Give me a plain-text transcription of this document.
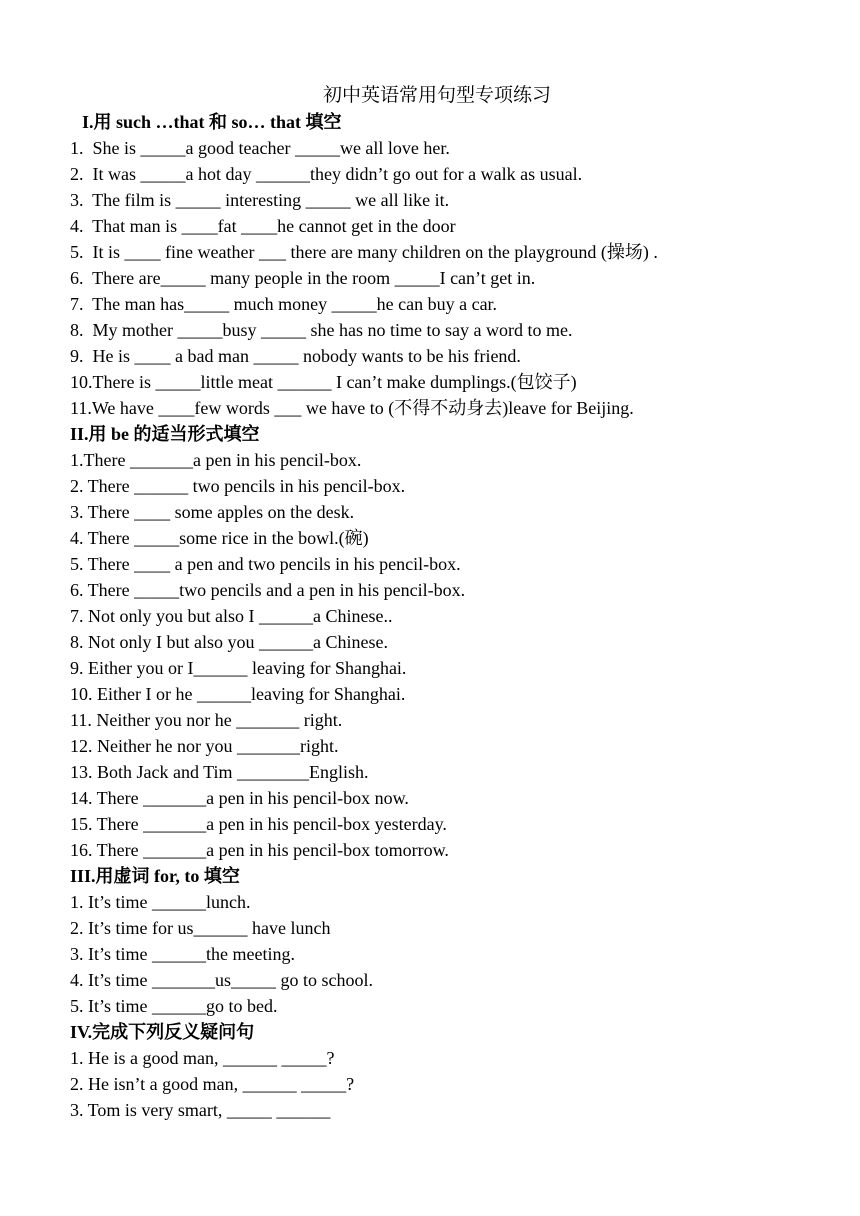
初中英语常用句型专项练习
I.用 such …that 和 so… that 填空
1.  She is _____a good teacher _____we all love her.
2.  It was _____a hot day ______they didn’t go out for a walk as usual.
3.  The film is _____ interesting _____ we all like it.
4.  That man is ____fat ____he cannot get in the door
5.  It is ____ fine weather ___ there are many children on the playground (操场) .
6.  There are_____ many people in the room _____I can’t get in.
7.  The man has_____ much money _____he can buy a car.
8.  My mother _____busy _____ she has no time to say a word to me.
9.  He is ____ a bad man _____ nobody wants to be his friend.
10.There is _____little meat ______ I can’t make dumplings.(包饺子)
11.We have ____few words ___ we have to (不得不动身去)leave for Beijing.
II.用 be 的适当形式填空
1.There _______a pen in his pencil-box.
2. There ______ two pencils in his pencil-box.
3. There ____ some apples on the desk.
4. There _____some rice in the bowl.(碗)
5. There ____ a pen and two pencils in his pencil-box.
6. There _____two pencils and a pen in his pencil-box.
7. Not only you but also I ______a Chinese..
8. Not only I but also you ______a Chinese.
9. Either you or I______ leaving for Shanghai.
10. Either I or he ______leaving for Shanghai.
11. Neither you nor he _______ right.
12. Neither he nor you _______right.
13. Both Jack and Tim ________English.
14. There _______a pen in his pencil-box now.
15. There _______a pen in his pencil-box yesterday.
16. There _______a pen in his pencil-box tomorrow.
III.用虚词 for, to 填空
1. It’s time ______lunch.
2. It’s time for us______ have lunch
3. It’s time ______the meeting.
4. It’s time _______us_____ go to school.
5. It’s time ______go to bed.
IV.完成下列反义疑问句
1. He is a good man, ______ _____?
2. He isn’t a good man, ______ _____?
3. Tom is very smart, _____ ______
